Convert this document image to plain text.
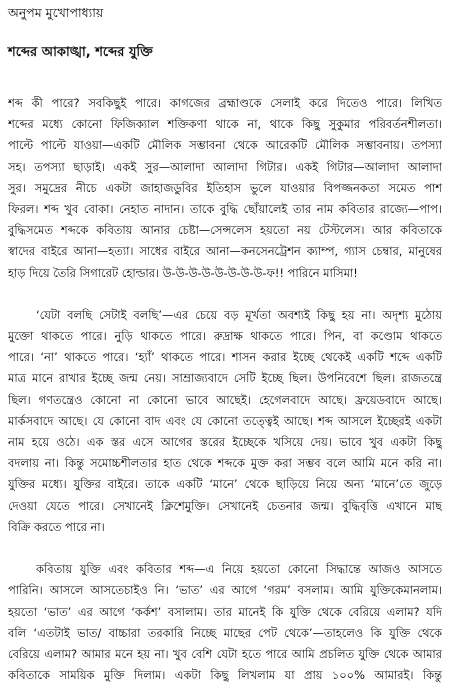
অনুপম মুখোপাধ্যায়
শব্দের আকাঙ্খা, শব্দের যুক্তি
শব্দ কী পারে? সবকিছুই পারে। কাগজের ব্রহ্মাণ্ডকে সেলাই করে দিতেও পারে। লিখিত
শব্দের মধ্যে কোনো ফিজিক্যাল শক্তিকণা থাকে না, থাকে কিছু সুকুমার পরিবর্তনশীলতা।
পাল্টে পাল্টে যাওয়া—একটি মৌলিক সম্ভাবনা থেকে আরেকটি মৌলিক সম্ভাবনায়। তপস্যা
সহ। তপস্যা ছাড়াই। একই সুর—আলাদা আলাদা গিটার। একই গিটার—আলাদা আলাদা
সুর। সমুদ্রের নীচে একটা জাহাজডুবির ইতিহাস ভুলে যাওয়ার বিপজ্জনকতা সমেত পাশ
ফিরল। শব্দ খুব বোকা। নেহাত নাদান। তাকে বুদ্ধি ছোঁয়ালেই তার নাম কবিতার রাজ্যে—পাপ।
বুদ্ধিসমেত শব্দকে কবিতায় আনার চেষ্টা—সেন্সলেস হয়তো নয় টেস্টলেস। আর কবিতাকে
স্বাদের বাইরে আনা—হত্যা। সাধের বাইরে আনা—কনসেনট্রেশন ক্যাম্প, গ্যাস চেম্বার, মানুষের
হাড় দিয়ে তৈরি সিগারেট হোল্ডার। উ-উ-উ-উ-উ-উ-উ-উ-ফ!! পারিনে মাসিমা!
‘যেটা বলছি সেটাই বলছি’—এর চেয়ে বড় মূর্খতা অবশ্যই কিছু হয় না। অদৃশ্য মুঠোয়
মুক্তো থাকতে পারে। নুড়ি থাকতে পারে। রুদ্রাক্ষ থাকতে পারে। পিন, বা কণ্ডোম থাকতে
পারে। ‘না’ থাকতে পারে। ‘হ্যাঁ’ থাকতে পারে। শাসন করার ইচ্ছে থেকেই একটি শব্দে একটি
মাত্র মানে রাখার ইচ্ছে জন্ম নেয়। সাম্রাজ্যবাদে সেটি ইচ্ছে ছিল। উপনিবেশে ছিল। রাজতন্ত্রে
ছিল। গণতন্ত্রেও কোনো না কোনো ভাবে আছেই। হেগেলবাদে আছে। ফ্রয়েডবাদে আছে।
মার্কসবাদে আছে। যে কোনো বাদ এবং যে কোনো তত্ত্বেই আছে। শব্দ আসলে ইচ্ছেরই একটা
নাম হয়ে ওঠে। এক স্তর এসে আগের স্তরের ইচ্ছেকে খসিয়ে দেয়। ভাবে খুব একটা কিছু
বদলায় না। কিন্তু সমোচ্চশীলতার হাত থেকে শব্দকে মুক্ত করা সম্ভব বলে আমি মনে করি না।
যুক্তির মধ্যে। যুক্তির বাইরে। তাকে একটি ‘মানে’ থেকে ছাড়িয়ে নিয়ে অন্য ‘মানে’তে জুড়ে
দেওয়া যেতে পারে। সেখানেই ক্লিশেমুক্তি। সেখানেই চেতনার জন্ম। বুদ্ধিবৃত্তি এখানে মাছ
বিক্রি করতে পারে না।
কবিতায় যুক্তি এবং কবিতার শব্দ—এ নিয়ে হয়তো কোনো সিদ্ধান্তে আজও আসতে
পারিনি। আসলে আসতেচাইও নি। ‘ভাত’ এর আগে ‘গরম’ বসলাম। আমি যুক্তিকেমানলাম।
হয়তো ‘ভাত’ এর আগে ‘কর্কশ’ বসালাম। তার মানেই কি যুক্তি থেকে বেরিয়ে এলাম? যদি
বলি ‘এতটাই ভাত/ বাচ্চারা তরকারি নিচ্ছে মাছের পেট থেকে’—তাহলেও কি যুক্তি থেকে
বেরিয়ে এলাম? আমার মনে হয় না। খুব বেশি যেটা হতে পারে আমি প্রচলিত যুক্তি থেকে আমার
কবিতাকে সাময়িক মুক্তি দিলাম। একটা কিছু লিখলাম যা প্রায় ১০০% আমারই। কিন্তু
